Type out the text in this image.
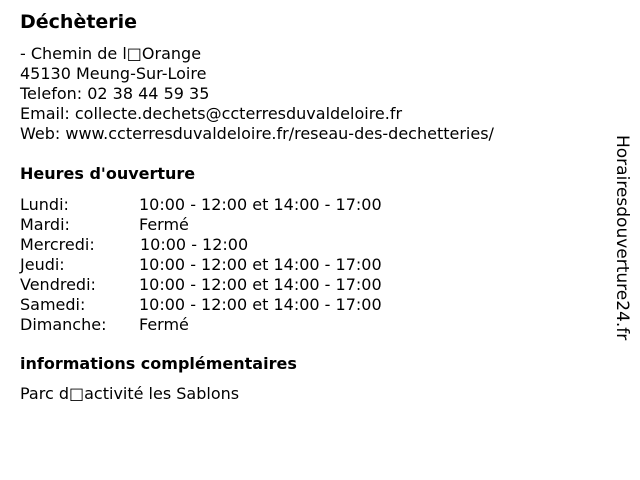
Déchèterie
- Chemin de l□Orange
45130 Meung-Sur-Loire
Telefon: 02 38 44 59 35
Email: collecte.dechets@ccterresduvaldeloire.fr
Web: www.ccterresduvaldeloire.fr/reseau-des-dechetteries/
Heures d'ouverture
Lundi:	10:00 - 12:00 et 14:00 - 17:00
Mardi:	Fermé
Mercredi:	10:00 - 12:00
Jeudi:	10:00 - 12:00 et 14:00 - 17:00
Vendredi:	10:00 - 12:00 et 14:00 - 17:00
Samedi:	10:00 - 12:00 et 14:00 - 17:00
Dimanche: Fermé
informations complémentaires
Parc d□activité les Sablons
Horairesdouverture24.fr
